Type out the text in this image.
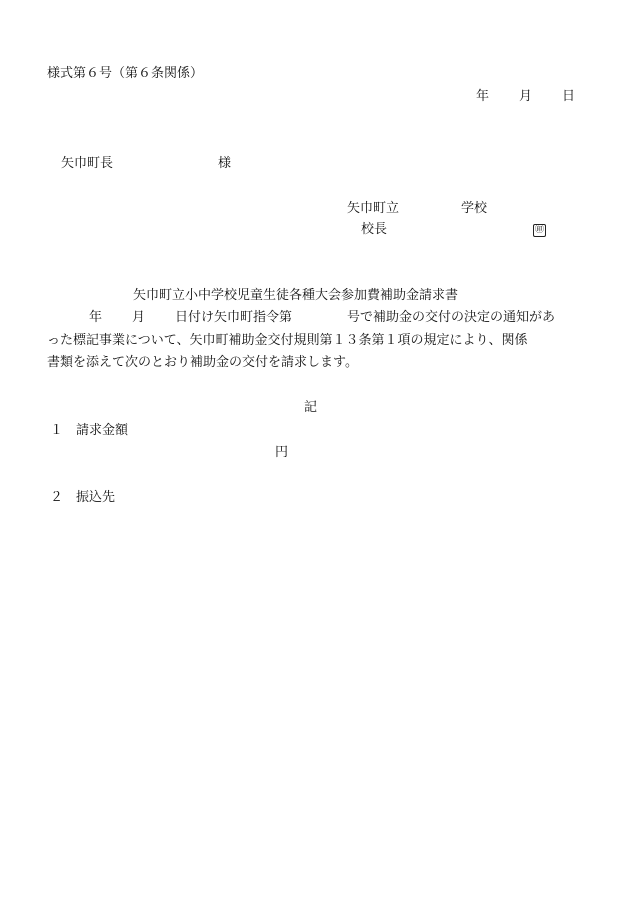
様式第６号（第６条関係）
年 月 日
矢巾町長	様
矢巾町立	学校
校長	㊞
矢巾町立小中学校児童生徒各種大会参加費補助金請求書
年 月 日付け矢巾町指令第	号で補助金の交付の決定の通知があ
った標記事業について、矢巾町補助金交付規則第１３条第１項の規定により、関係
書類を添えて次のとおり補助金の交付を請求します。
記
１ 請求金額
円
２ 振込先
